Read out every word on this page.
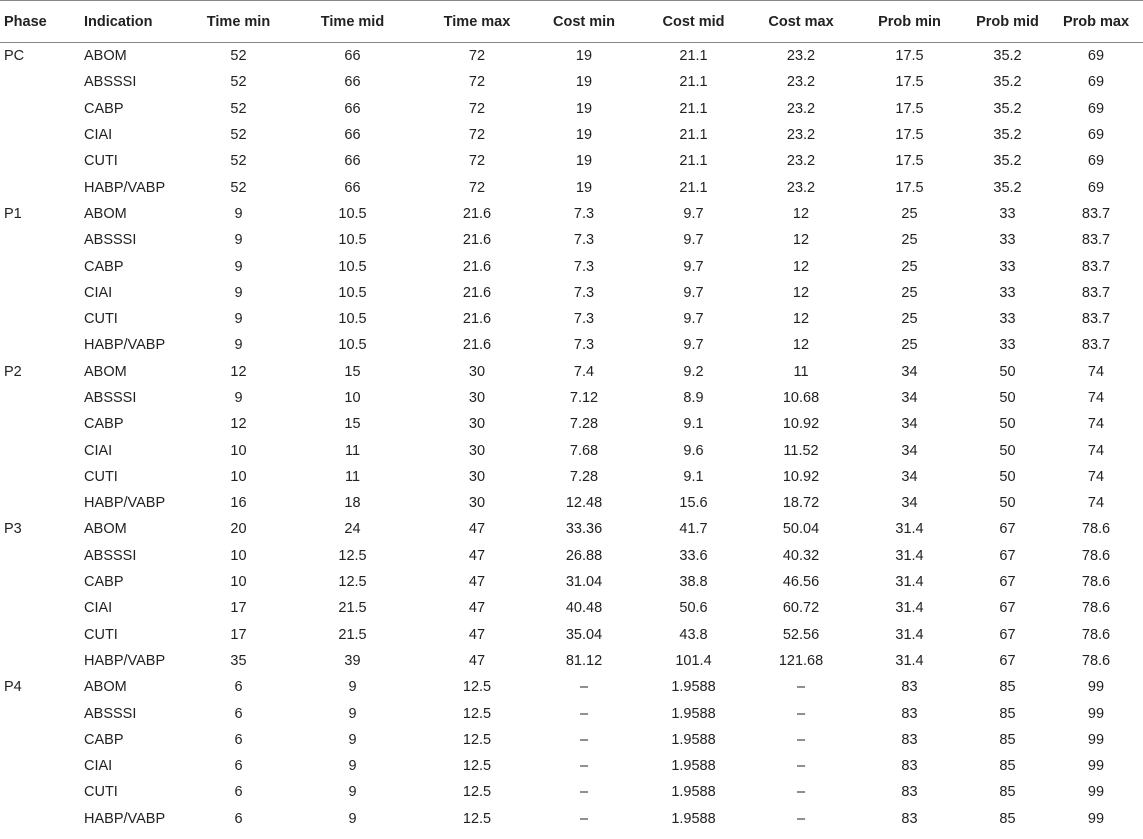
Phase	Indication	Time min	Time mid	Time max	Cost min	Cost mid	Cost max	Prob min	Prob mid	Prob max
PC	ABOM	52	66	72	19	21.1	23.2	17.5	35.2	69
	ABSSSI	52	66	72	19	21.1	23.2	17.5	35.2	69
	CABP	52	66	72	19	21.1	23.2	17.5	35.2	69
	CIAI	52	66	72	19	21.1	23.2	17.5	35.2	69
	CUTI	52	66	72	19	21.1	23.2	17.5	35.2	69
	HABP/VABP	52	66	72	19	21.1	23.2	17.5	35.2	69
P1	ABOM	9	10.5	21.6	7.3	9.7	12	25	33	83.7
	ABSSSI	9	10.5	21.6	7.3	9.7	12	25	33	83.7
	CABP	9	10.5	21.6	7.3	9.7	12	25	33	83.7
	CIAI	9	10.5	21.6	7.3	9.7	12	25	33	83.7
	CUTI	9	10.5	21.6	7.3	9.7	12	25	33	83.7
	HABP/VABP	9	10.5	21.6	7.3	9.7	12	25	33	83.7
P2	ABOM	12	15	30	7.4	9.2	11	34	50	74
	ABSSSI	9	10	30	7.12	8.9	10.68	34	50	74
	CABP	12	15	30	7.28	9.1	10.92	34	50	74
	CIAI	10	11	30	7.68	9.6	11.52	34	50	74
	CUTI	10	11	30	7.28	9.1	10.92	34	50	74
	HABP/VABP	16	18	30	12.48	15.6	18.72	34	50	74
P3	ABOM	20	24	47	33.36	41.7	50.04	31.4	67	78.6
	ABSSSI	10	12.5	47	26.88	33.6	40.32	31.4	67	78.6
	CABP	10	12.5	47	31.04	38.8	46.56	31.4	67	78.6
	CIAI	17	21.5	47	40.48	50.6	60.72	31.4	67	78.6
	CUTI	17	21.5	47	35.04	43.8	52.56	31.4	67	78.6
	HABP/VABP	35	39	47	81.12	101.4	121.68	31.4	67	78.6
P4	ABOM	6	9	12.5	–	1.9588	–	83	85	99
	ABSSSI	6	9	12.5	–	1.9588	–	83	85	99
	CABP	6	9	12.5	–	1.9588	–	83	85	99
	CIAI	6	9	12.5	–	1.9588	–	83	85	99
	CUTI	6	9	12.5	–	1.9588	–	83	85	99
	HABP/VABP	6	9	12.5	–	1.9588	–	83	85	99
